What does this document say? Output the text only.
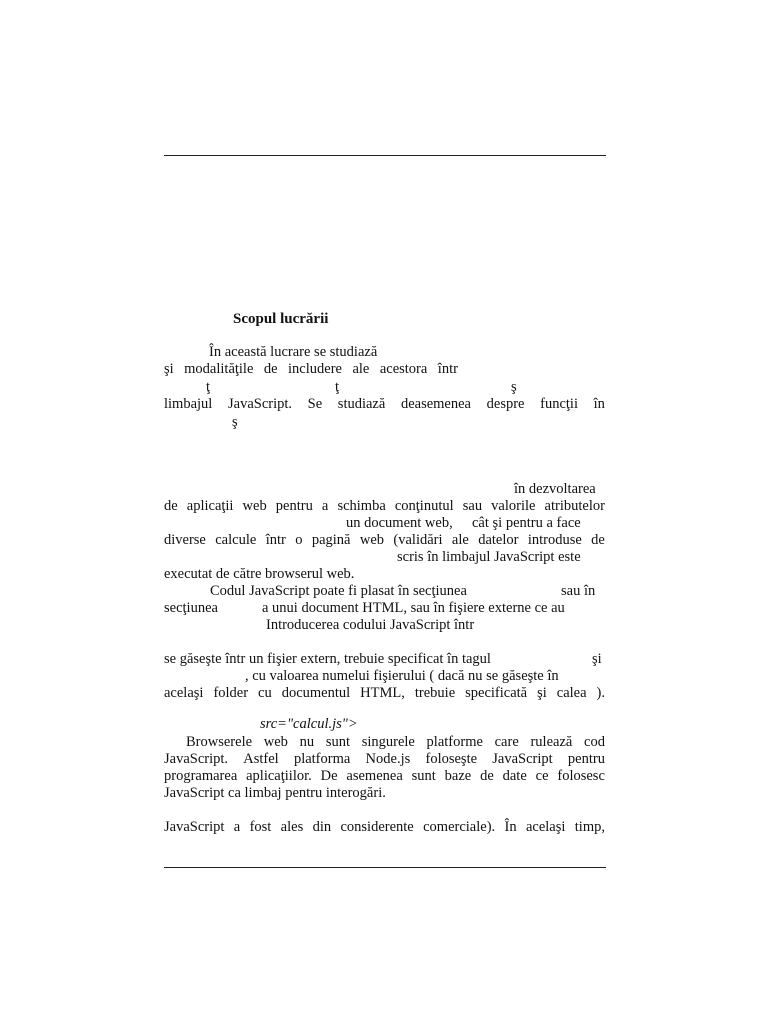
Scopul lucrării
În această lucrare se studiază
şi modalităţile de includere ale acestora într
ţ	ţ	ş
limbajul JavaScript. Se studiază deasemenea despre funcţii în
ş
în dezvoltarea
de aplicaţii web pentru a schimba conţinutul sau valorile atributelor
un document web, cât şi pentru a face
diverse calcule într o pagină web (validări ale datelor introduse de
scris în limbajul JavaScript este
executat de către browserul web.
Codul JavaScript poate fi plasat în secţiunea	sau în
secţiunea	a unui document HTML, sau în fişiere externe ce au
Introducerea codului JavaScript într
se găseşte într un fişier extern, trebuie specificat în tagul	şi
, cu valoarea numelui fişierului ( dacă nu se găseşte în
acelaşi folder cu documentul HTML, trebuie specificată şi calea ).
src="calcul.js">
Browserele web nu sunt singurele platforme care rulează cod
JavaScript. Astfel platforma Node.js foloseşte JavaScript pentru
programarea aplicaţiilor. De asemenea sunt baze de date ce folosesc
JavaScript ca limbaj pentru interogări.
JavaScript a fost ales din considerente comerciale). În acelaşi timp,
